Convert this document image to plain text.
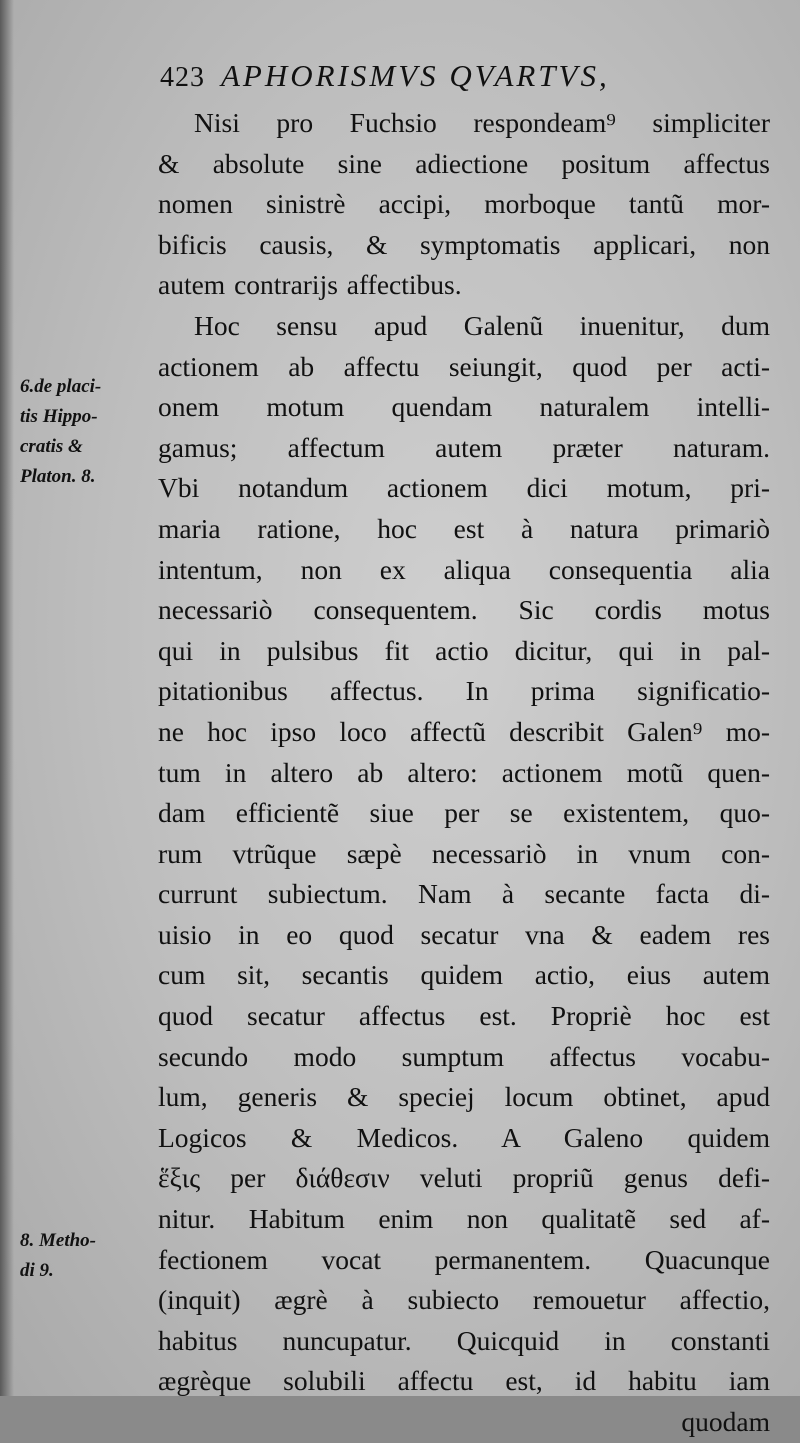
423 APHORISMVS QVARTVS,
Nisi pro Fuchsio respondeam⁹ simpliciter
& absolute sine adiectione positum affectus
nomen sinistrè accipi, morboque tantũ mor-
bificis causis, & symptomatis applicari, non
autem contrarijs affectibus.
Hoc sensu apud Galenũ inuenitur, dum
actionem ab affectu seiungit, quod per acti-
onem motum quendam naturalem intelli-
gamus; affectum autem præter naturam.
Vbi notandum actionem dici motum, pri-
maria ratione, hoc est à natura primariò
intentum, non ex aliqua consequentia alia
necessariò consequentem. Sic cordis motus
qui in pulsibus fit actio dicitur, qui in pal-
pitationibus affectus. In prima significatio-
ne hoc ipso loco affectũ describit Galen⁹ mo-
tum in altero ab altero: actionem motũ quen-
dam efficientẽ siue per se existentem, quo-
rum vtrũque sæpè necessariò in vnum con-
currunt subiectum. Nam à secante facta di-
uisio in eo quod secatur vna & eadem res
cum sit, secantis quidem actio, eius autem
quod secatur affectus est. Propriè hoc est
secundo modo sumptum affectus vocabu-
lum, generis & speciej locum obtinet, apud
Logicos & Medicos. A Galeno quidem
ἕξις per διάθεσιν veluti propriũ genus defi-
nitur. Habitum enim non qualitatẽ sed af-
fectionem vocat permanentem. Quacunque
(inquit) ægrè à subiecto remouetur affectio,
habitus nuncupatur. Quicquid in constanti
ægrèque solubili affectu est, id habitu iam
quodam
6.de placi-
tis Hippo-
cratis &
Platon. 8.
8. Metho-
di 9.
